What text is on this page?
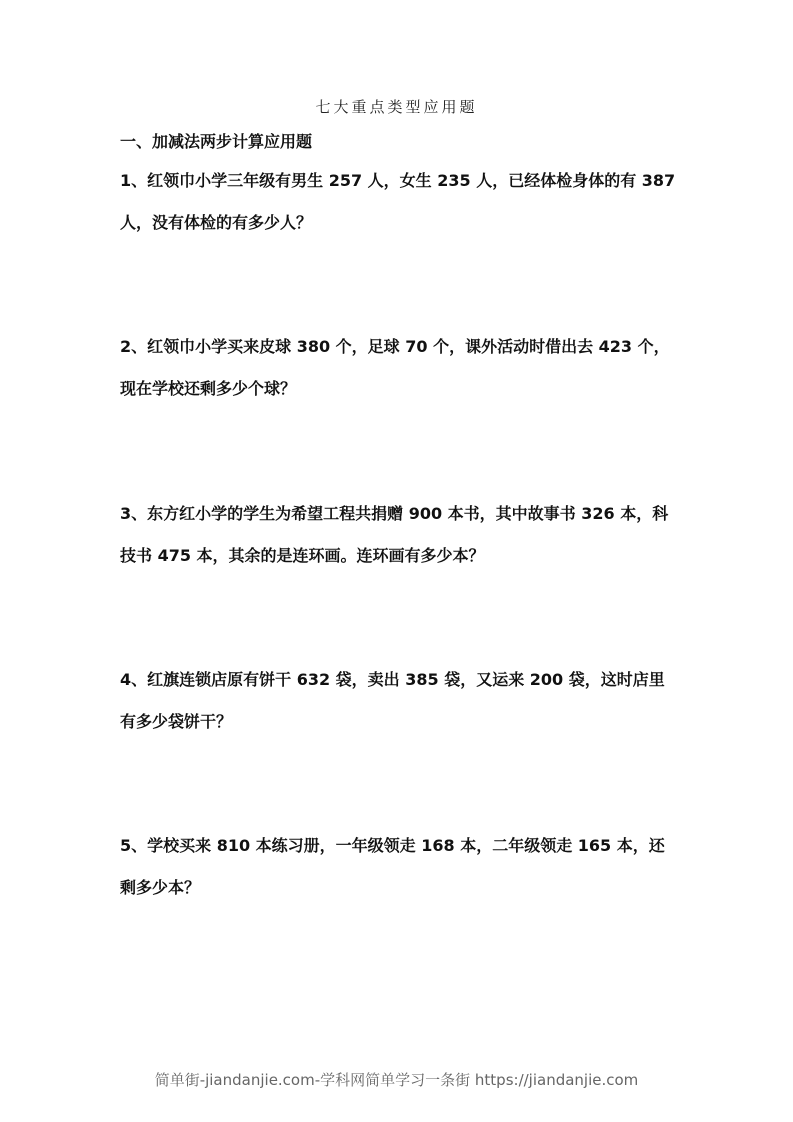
七大重点类型应用题
一、加减法两步计算应用题
1、红领巾小学三年级有男生 257 人，女生 235 人，已经体检身体的有 387 人，没有体检的有多少人？
2、红领巾小学买来皮球 380 个，足球 70 个，课外活动时借出去 423 个，现在学校还剩多少个球？
3、东方红小学的学生为希望工程共捐赠 900 本书，其中故事书 326 本，科技书 475 本，其余的是连环画。连环画有多少本？
4、红旗连锁店原有饼干 632 袋，卖出 385 袋，又运来 200 袋，这时店里有多少袋饼干？
5、学校买来 810 本练习册，一年级领走 168 本，二年级领走 165 本，还剩多少本？
简单街-jiandanjie.com-学科网简单学习一条街 https://jiandanjie.com
